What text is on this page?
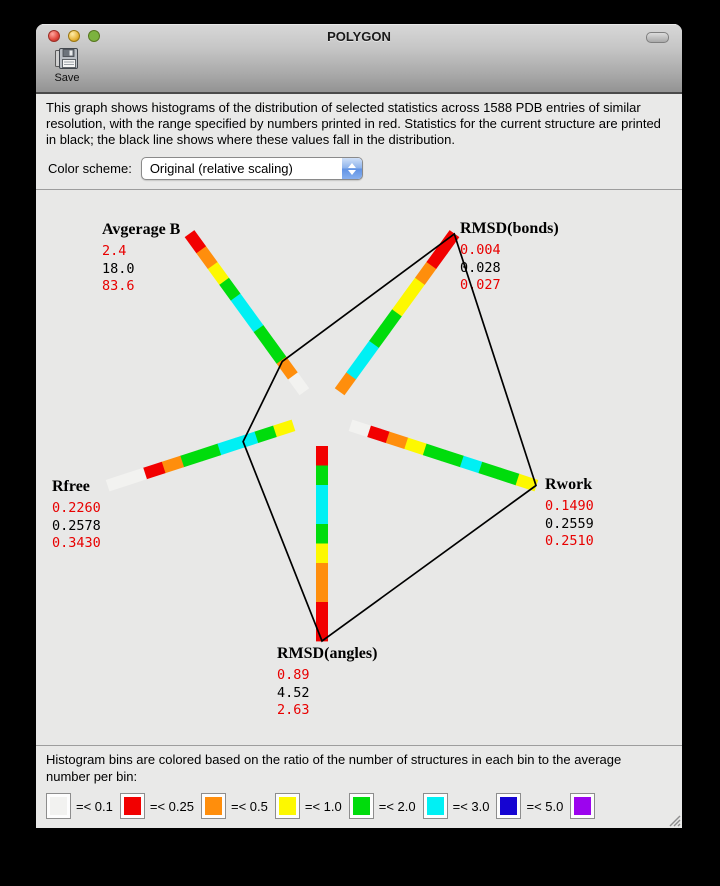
POLYGON
Save

This graph shows histograms of the distribution of selected statistics across 1588 PDB entries of similar resolution, with the range specified by numbers printed in red. Statistics for the current structure are printed in black; the black line shows where these values fall in the distribution.

Color scheme:	Original (relative scaling)
Avgerage B
2.4
18.0
83.6
RMSD(bonds)
0.004
0.028
0.027
Rwork
0.1490
0.2559
0.2510
RMSD(angles)
0.89
4.52
2.63
Rfree
0.2260
0.2578
0.3430

Histogram bins are colored based on the ratio of the number of structures in each bin to the average number per bin:

=< 0.1	=< 0.25	=< 0.5	=< 1.0	=< 2.0	=< 3.0	=< 5.0
